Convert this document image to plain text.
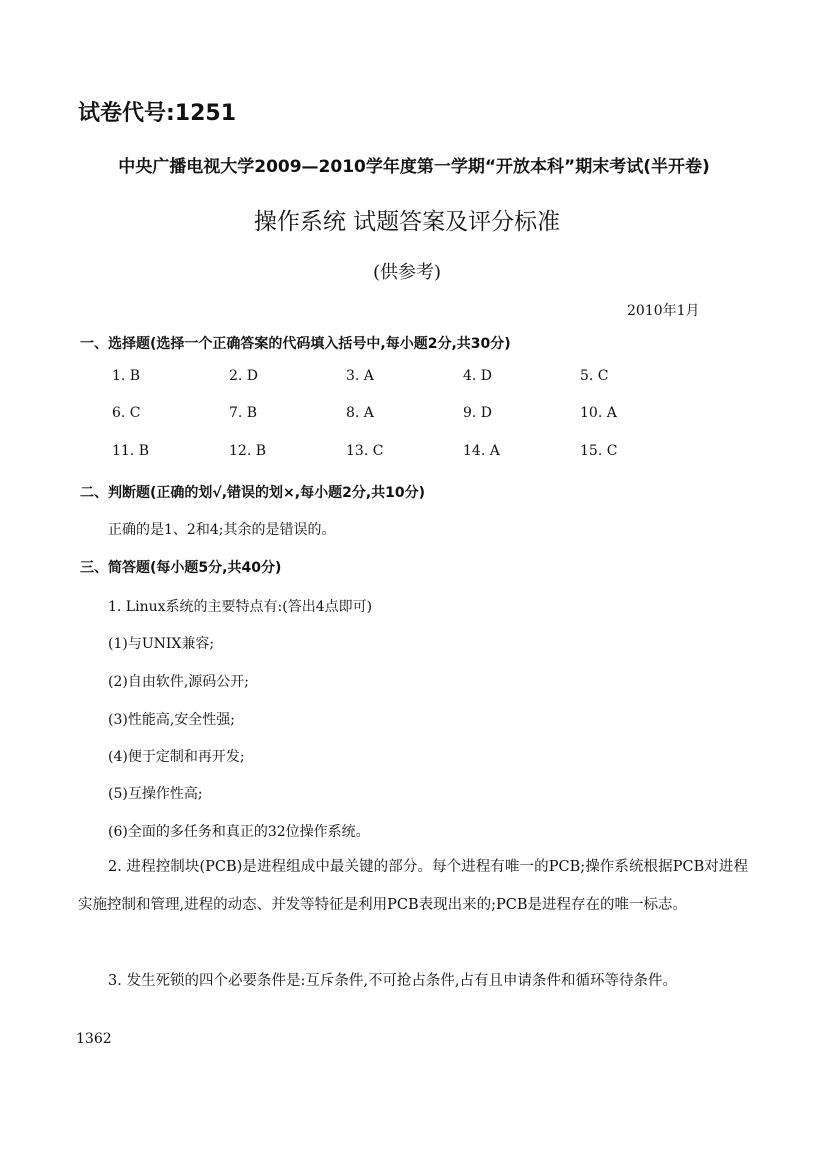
试卷代号:1251
中央广播电视大学2009—2010学年度第一学期“开放本科”期末考试(半开卷)
操作系统 试题答案及评分标准
(供参考)
2010年1月
一、选择题(选择一个正确答案的代码填入括号中,每小题2分,共30分)
1. B	2. D	3. A	4. D	5. C
6. C	7. B	8. A	9. D	10. A
11. B	12. B	13. C	14. A	15. C
二、判断题(正确的划√,错误的划×,每小题2分,共10分)
正确的是1、2和4;其余的是错误的。
三、简答题(每小题5分,共40分)
1. Linux系统的主要特点有:(答出4点即可)
(1)与UNIX兼容;
(2)自由软件,源码公开;
(3)性能高,安全性强;
(4)便于定制和再开发;
(5)互操作性高;
(6)全面的多任务和真正的32位操作系统。
2. 进程控制块(PCB)是进程组成中最关键的部分。每个进程有唯一的PCB;操作系统根据PCB对进程实施控制和管理,进程的动态、并发等特征是利用PCB表现出来的;PCB是进程存在的唯一标志。
3. 发生死锁的四个必要条件是:互斥条件,不可抢占条件,占有且申请条件和循环等待条件。
1362
